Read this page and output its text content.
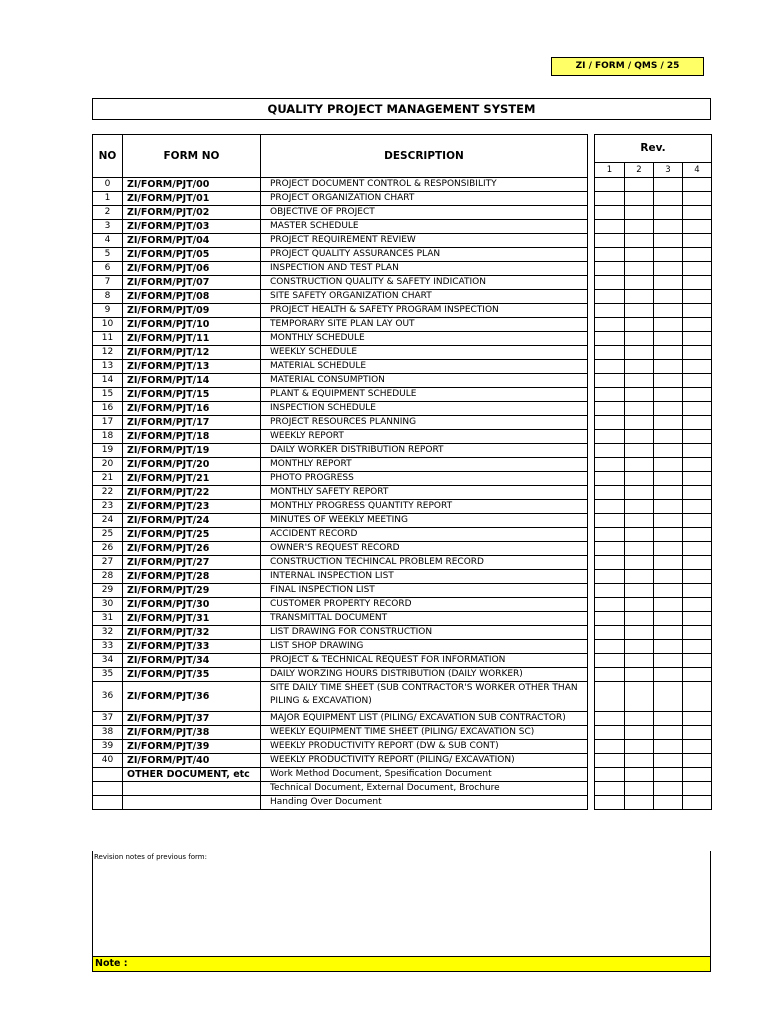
ZI / FORM / QMS / 25
QUALITY PROJECT MANAGEMENT SYSTEM
NO	FORM NO	DESCRIPTION		Rev.			
				1	2	3	4
0	ZI/FORM/PJT/00	PROJECT DOCUMENT CONTROL & RESPONSIBILITY					
1	ZI/FORM/PJT/01	PROJECT ORGANIZATION CHART					
2	ZI/FORM/PJT/02	OBJECTIVE OF PROJECT					
3	ZI/FORM/PJT/03	MASTER SCHEDULE					
4	ZI/FORM/PJT/04	PROJECT REQUIREMENT REVIEW					
5	ZI/FORM/PJT/05	PROJECT QUALITY ASSURANCES PLAN					
6	ZI/FORM/PJT/06	INSPECTION AND TEST PLAN					
7	ZI/FORM/PJT/07	CONSTRUCTION QUALITY & SAFETY INDICATION					
8	ZI/FORM/PJT/08	SITE SAFETY ORGANIZATION CHART					
9	ZI/FORM/PJT/09	PROJECT HEALTH & SAFETY PROGRAM INSPECTION					
10	ZI/FORM/PJT/10	TEMPORARY SITE PLAN LAY OUT					
11	ZI/FORM/PJT/11	MONTHLY SCHEDULE					
12	ZI/FORM/PJT/12	WEEKLY SCHEDULE					
13	ZI/FORM/PJT/13	MATERIAL SCHEDULE					
14	ZI/FORM/PJT/14	MATERIAL CONSUMPTION					
15	ZI/FORM/PJT/15	PLANT & EQUIPMENT SCHEDULE					
16	ZI/FORM/PJT/16	INSPECTION SCHEDULE					
17	ZI/FORM/PJT/17	PROJECT RESOURCES PLANNING					
18	ZI/FORM/PJT/18	WEEKLY REPORT					
19	ZI/FORM/PJT/19	DAILY WORKER DISTRIBUTION REPORT					
20	ZI/FORM/PJT/20	MONTHLY REPORT					
21	ZI/FORM/PJT/21	PHOTO PROGRESS					
22	ZI/FORM/PJT/22	MONTHLY SAFETY REPORT					
23	ZI/FORM/PJT/23	MONTHLY PROGRESS QUANTITY REPORT					
24	ZI/FORM/PJT/24	MINUTES OF WEEKLY MEETING					
25	ZI/FORM/PJT/25	ACCIDENT RECORD					
26	ZI/FORM/PJT/26	OWNER'S REQUEST RECORD					
27	ZI/FORM/PJT/27	CONSTRUCTION TECHINCAL PROBLEM RECORD					
28	ZI/FORM/PJT/28	INTERNAL INSPECTION LIST					
29	ZI/FORM/PJT/29	FINAL INSPECTION LIST					
30	ZI/FORM/PJT/30	CUSTOMER PROPERTY RECORD					
31	ZI/FORM/PJT/31	TRANSMITTAL DOCUMENT					
32	ZI/FORM/PJT/32	LIST DRAWING FOR CONSTRUCTION					
33	ZI/FORM/PJT/33	LIST SHOP DRAWING					
34	ZI/FORM/PJT/34	PROJECT & TECHNICAL REQUEST FOR INFORMATION					
35	ZI/FORM/PJT/35	DAILY WORZING HOURS DISTRIBUTION (DAILY WORKER)					
36	ZI/FORM/PJT/36	SITE DAILY TIME SHEET (SUB CONTRACTOR'S WORKER OTHER THAN PILING & EXCAVATION)					
37	ZI/FORM/PJT/37	MAJOR EQUIPMENT LIST (PILING/ EXCAVATION SUB CONTRACTOR)					
38	ZI/FORM/PJT/38	WEEKLY EQUIPMENT TIME SHEET (PILING/ EXCAVATION SC)					
39	ZI/FORM/PJT/39	WEEKLY PRODUCTIVITY REPORT (DW & SUB CONT)					
40	ZI/FORM/PJT/40	WEEKLY PRODUCTIVITY REPORT (PILING/ EXCAVATION)					
	OTHER DOCUMENT, etc	Work Method Document, Spesification Document					
		Technical Document, External Document, Brochure					
		Handing Over Document					
Revision notes of previous form:
Note :
